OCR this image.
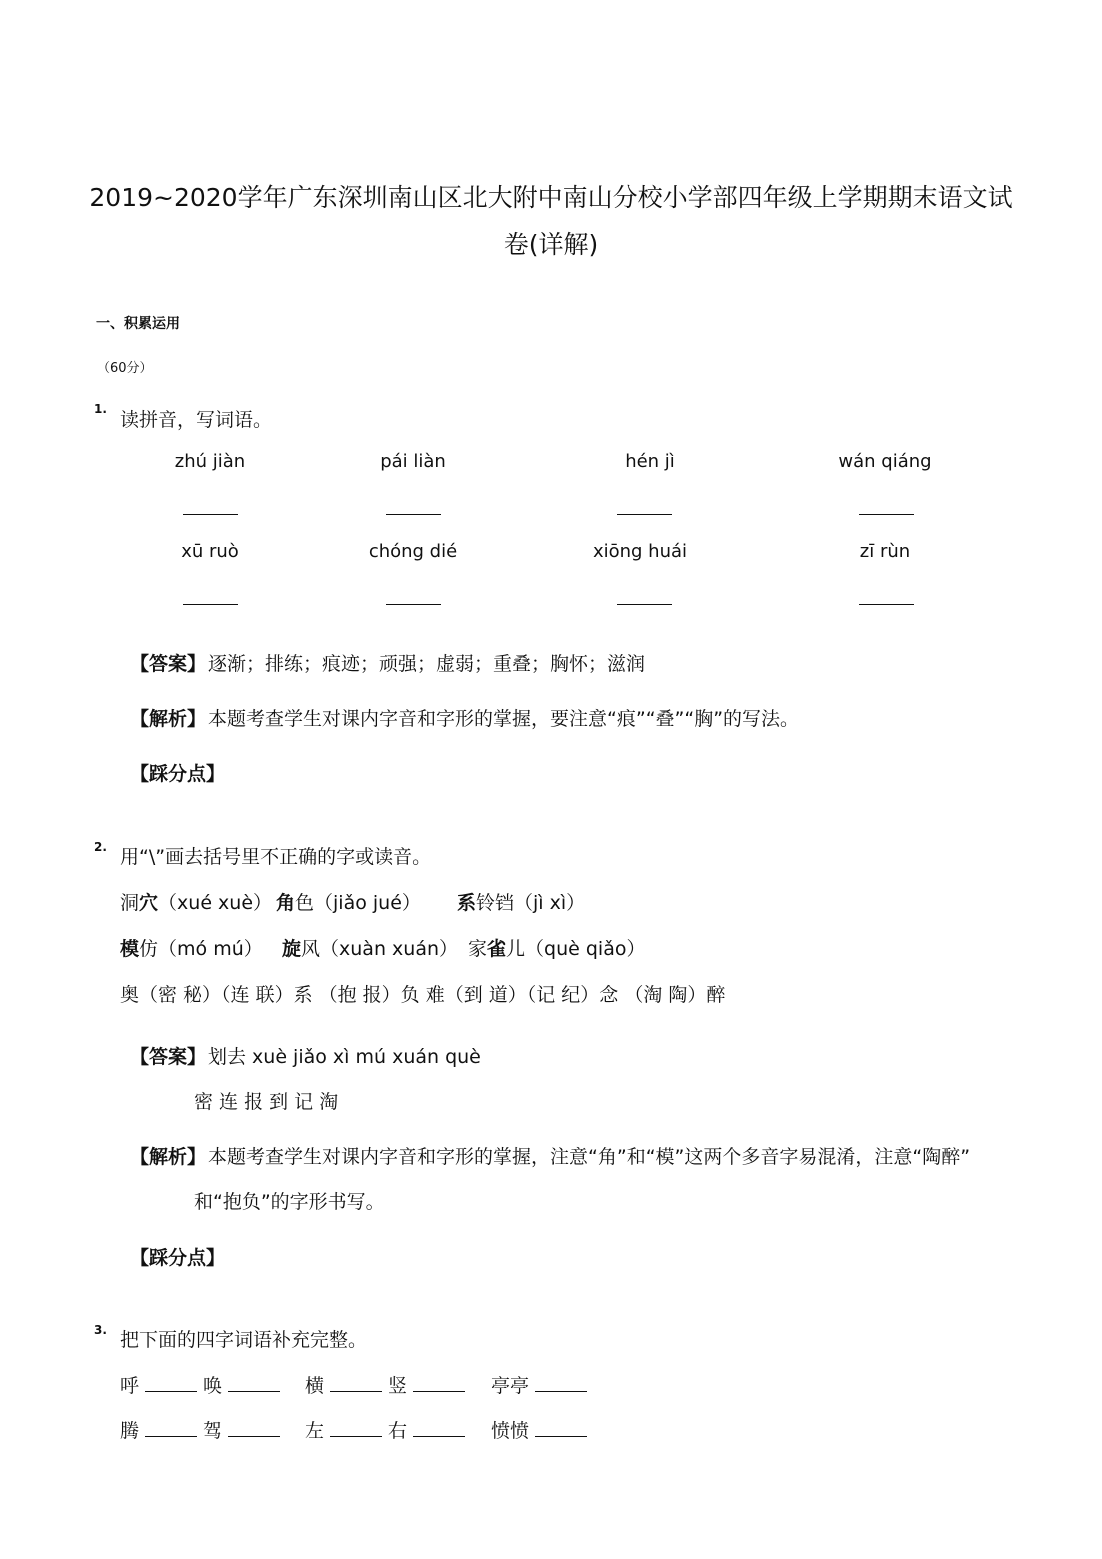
2019~2020学年广东深圳南山区北大附中南山分校小学部四年级上学期期末语文试
卷(详解)
一、积累运用
（60分）
1. 读拼音，写词语。
zhú jiàn	pái liàn	hén jì	wán qiáng
xū ruò	chóng dié	xiōng huái	zī rùn
【答案】 逐渐；排练；痕迹；顽强；虚弱；重叠；胸怀；滋润
【解析】 本题考查学生对课内字音和字形的掌握，要注意“痕”“叠”“胸”的写法。
【踩分点】
2. 用“\”画去括号里不正确的字或读音。
洞穴（xué xuè） 角色（jiǎo jué） 系铃铛（jì xì）
模仿（mó mú） 旋风（xuàn xuán） 家雀儿（què qiǎo）
奥（密 秘）（连 联）系 （抱 报）负 难（到 道）（记 纪）念 （淘 陶）醉
【答案】 划去 xuè jiǎo xì mú xuán què
密 连 报 到 记 淘
【解析】 本题考查学生对课内字音和字形的掌握，注意“角”和“模”这两个多音字易混淆，注意“陶醉”
和“抱负”的字形书写。
【踩分点】
3. 把下面的四字词语补充完整。
呼	唤	横	竖	亭亭
腾	驾	左	右	愤愤
